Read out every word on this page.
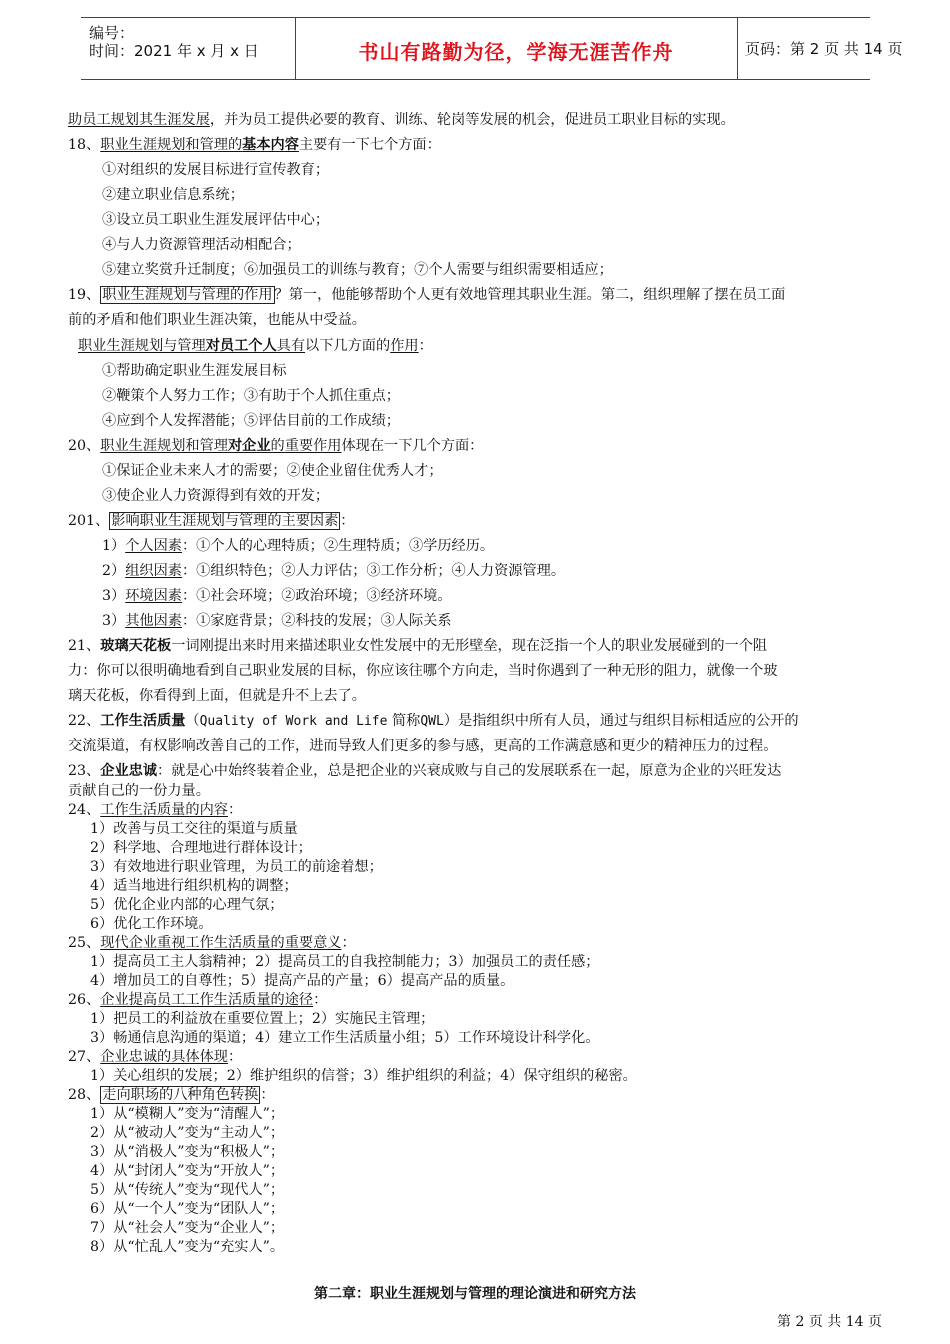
编号：
时间：2021 年 x 月 x 日	书山有路勤为径，学海无涯苦作舟	页码：第 2 页 共 14 页
助员工规划其生涯发展，并为员工提供必要的教育、训练、轮岗等发展的机会，促进员工职业目标的实现。
18、职业生涯规划和管理的基本内容主要有一下七个方面：
①对组织的发展目标进行宣传教育；
②建立职业信息系统；
③设立员工职业生涯发展评估中心；
④与人力资源管理活动相配合；
⑤建立奖赏升迁制度；⑥加强员工的训练与教育；⑦个人需要与组织需要相适应；
19、 职业生涯规划与管理的作用 ？第一，他能够帮助个人更有效地管理其职业生涯。第二，组织理解了摆在员工面
前的矛盾和他们职业生涯决策，也能从中受益。
职业生涯规划与管理对员工个人具有以下几方面的作用：
①帮助确定职业生涯发展目标
②鞭策个人努力工作；③有助于个人抓住重点；
④应到个人发挥潜能；⑤评估目前的工作成绩；
20、职业生涯规划和管理对企业的重要作用体现在一下几个方面：
①保证企业未来人才的需要；②使企业留住优秀人才；
③使企业人力资源得到有效的开发；
201、 影响职业生涯规划与管理的主要因素 ：
1）个人因素：①个人的心理特质；②生理特质；③学历经历。
2）组织因素：①组织特色；②人力评估；③工作分析；④人力资源管理。
3）环境因素：①社会环境；②政治环境；③经济环境。
3）其他因素：①家庭背景；②科技的发展；③人际关系
21、玻璃天花板一词刚提出来时用来描述职业女性发展中的无形壁垒，现在泛指一个人的职业发展碰到的一个阻
力：你可以很明确地看到自己职业发展的目标，你应该往哪个方向走，当时你遇到了一种无形的阻力，就像一个玻
璃天花板，你看得到上面，但就是升不上去了。
22、工作生活质量（Quality of Work and Life 简称QWL）是指组织中所有人员，通过与组织目标相适应的公开的
交流渠道，有权影响改善自己的工作，进而导致人们更多的参与感，更高的工作满意感和更少的精神压力的过程。
23、企业忠诚：就是心中始终装着企业，总是把企业的兴衰成败与自己的发展联系在一起，原意为企业的兴旺发达
贡献自己的一份力量。
24、工作生活质量的内容：
1）改善与员工交往的渠道与质量
2）科学地、合理地进行群体设计；
3）有效地进行职业管理，为员工的前途着想；
4）适当地进行组织机构的调整；
5）优化企业内部的心理气氛；
6）优化工作环境。
25、现代企业重视工作生活质量的重要意义：
1）提高员工主人翁精神；2）提高员工的自我控制能力；3）加强员工的责任感；
4）增加员工的自尊性；5）提高产品的产量；6）提高产品的质量。
26、企业提高员工工作生活质量的途径：
1）把员工的利益放在重要位置上；2）实施民主管理；
3）畅通信息沟通的渠道；4）建立工作生活质量小组；5）工作环境设计科学化。
27、企业忠诚的具体体现：
1）关心组织的发展；2）维护组织的信誉；3）维护组织的利益；4）保守组织的秘密。
28、 走向职场的八种角色转换 ：
1）从“模糊人”变为“清醒人”；
2）从“被动人”变为“主动人”；
3）从“消极人”变为“积极人”；
4）从“封闭人”变为“开放人”；
5）从“传统人”变为“现代人”；
6）从“一个人”变为“团队人”；
7）从“社会人”变为“企业人”；
8）从“忙乱人”变为“充实人”。
第二章：职业生涯规划与管理的理论演进和研究方法
第 2 页 共 14 页
